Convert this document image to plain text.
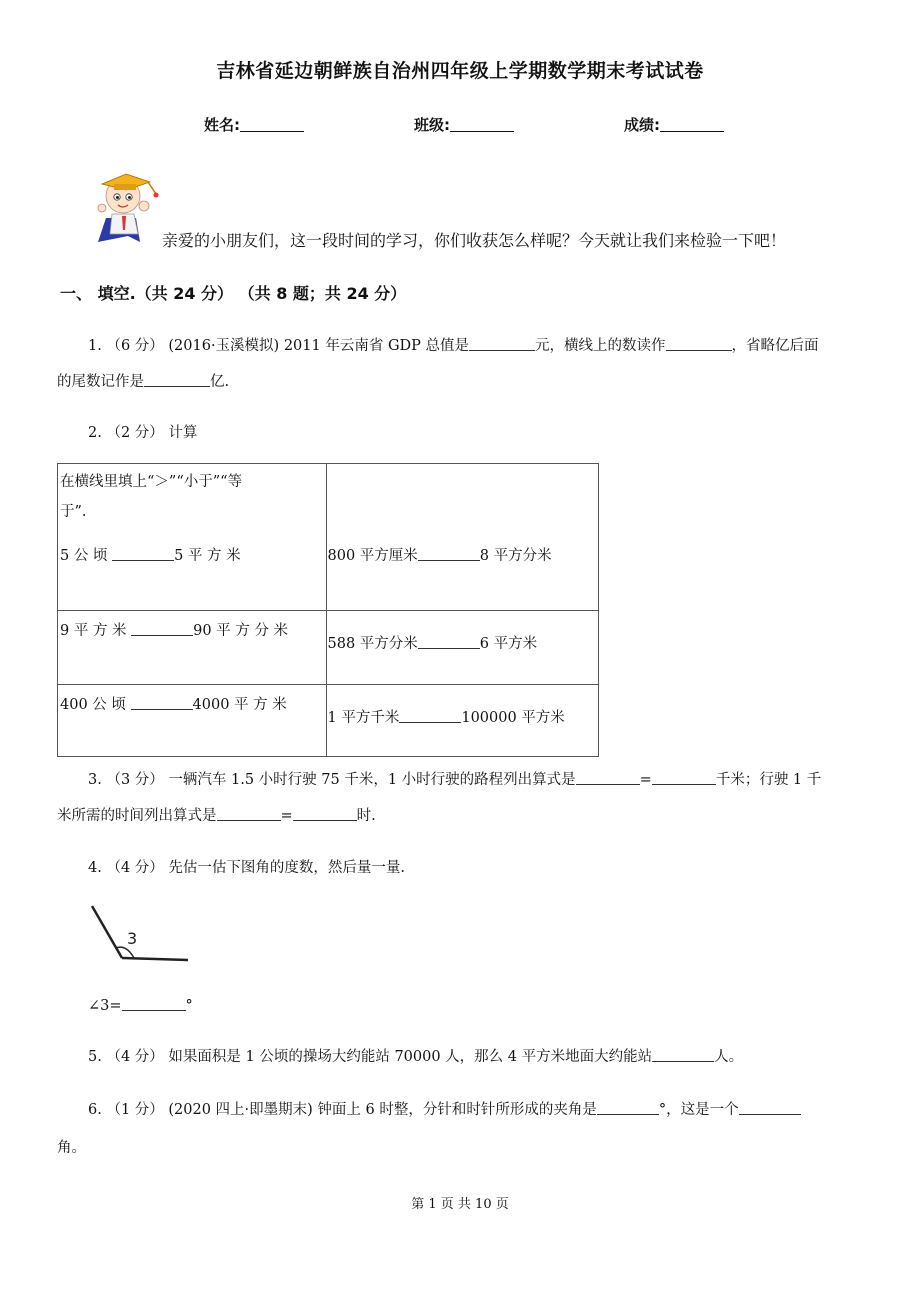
吉林省延边朝鲜族自治州四年级上学期数学期末考试试卷
姓名:	班级:	成绩:
亲爱的小朋友们，这一段时间的学习，你们收获怎么样呢？今天就让我们来检验一下吧！
一、 填空.（共 24 分） （共 8 题；共 24 分）
1. （6 分） (2016·玉溪模拟) 2011 年云南省 GDP 总值是	元，横线上的数读作	，省略亿后面
的尾数记作是	亿.
2. （2 分） 计算
在横线里填上“＞”“小于”“等
于”.
5 公 顷 5 平 方 米	800 平方厘米 8 平方分米

9 平 方 米 90 平 方 分 米	588 平方分米 6 平方米

400 公 顷 4000 平 方 米	1 平方千米 100000 平方米
3. （3 分） 一辆汽车 1.5 小时行驶 75 千米，1 小时行驶的路程列出算式是	=	千米；行驶 1 千
米所需的时间列出算式是	=	时.
4. （4 分） 先估一估下图角的度数，然后量一量.
3
∠3=	°
5. （4 分） 如果面积是 1 公顷的操场大约能站 70000 人，那么 4 平方米地面大约能站	人。
6. （1 分） (2020 四上·即墨期末) 钟面上 6 时整，分针和时针所形成的夹角是	°，这是一个
角。
第 1 页 共 10 页
